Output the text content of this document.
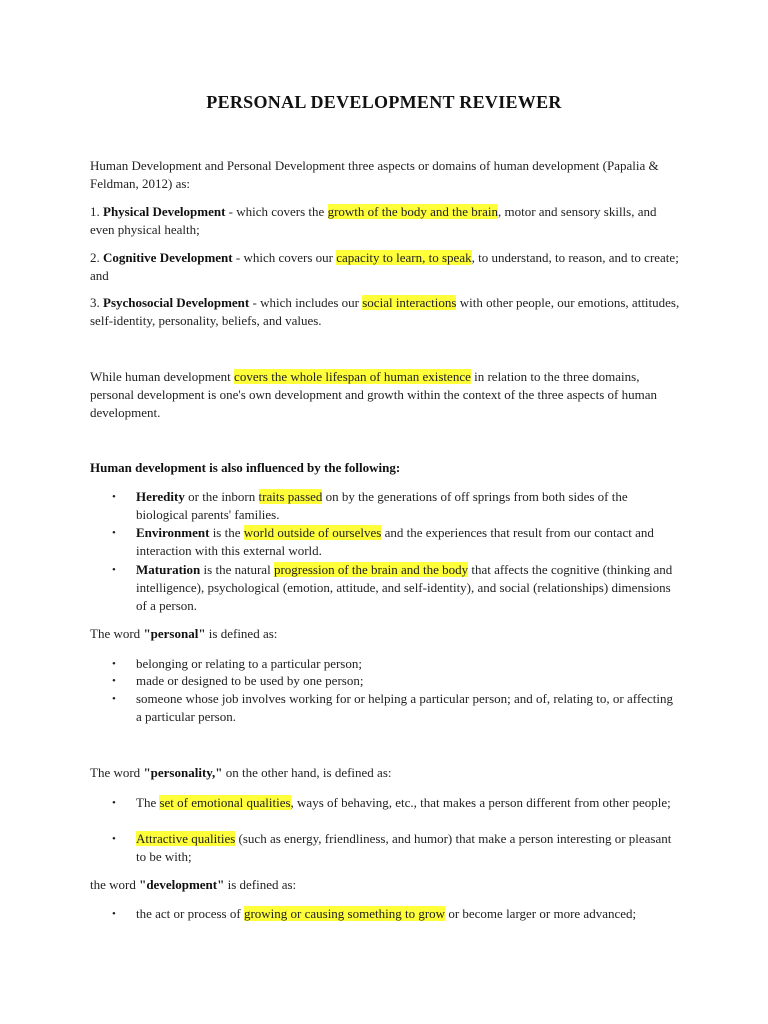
PERSONAL DEVELOPMENT REVIEWER
Human Development and Personal Development three aspects or domains of human development (Papalia & Feldman, 2012) as:
1. Physical Development - which covers the growth of the body and the brain, motor and sensory skills, and even physical health;
2. Cognitive Development - which covers our capacity to learn, to speak, to understand, to reason, and to create; and
3. Psychosocial Development - which includes our social interactions with other people, our emotions, attitudes, self-identity, personality, beliefs, and values.
While human development covers the whole lifespan of human existence in relation to the three domains, personal development is one's own development and growth within the context of the three aspects of human development.
Human development is also influenced by the following:
• Heredity or the inborn traits passed on by the generations of off springs from both sides of the biological parents' families.
• Environment is the world outside of ourselves and the experiences that result from our contact and interaction with this external world.
• Maturation is the natural progression of the brain and the body that affects the cognitive (thinking and intelligence), psychological (emotion, attitude, and self-identity), and social (relationships) dimensions of a person.
The word "personal" is defined as:
• belonging or relating to a particular person;
• made or designed to be used by one person;
• someone whose job involves working for or helping a particular person; and of, relating to, or affecting a particular person.
The word "personality," on the other hand, is defined as:
• The set of emotional qualities, ways of behaving, etc., that makes a person different from other people;
• Attractive qualities (such as energy, friendliness, and humor) that make a person interesting or pleasant to be with;
the word "development" is defined as:
• the act or process of growing or causing something to grow or become larger or more advanced;
